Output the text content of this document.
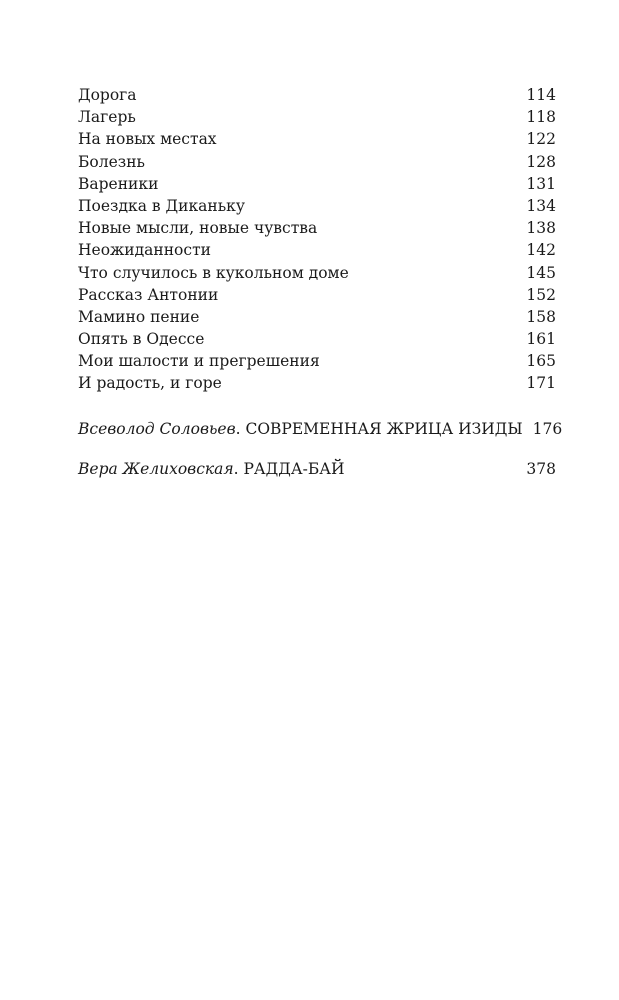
Дорога	114
Лагерь	118
На новых местах	122
Болезнь	128
Вареники	131
Поездка в Диканьку	134
Новые мысли, новые чувства	138
Неожиданности	142
Что случилось в кукольном доме	145
Рассказ Антонии	152
Мамино пение	158
Опять в Одессе	161
Мои шалости и прегрешения	165
И радость, и горе	171
Всеволод Соловьев. СОВРЕМЕННАЯ ЖРИЦА ИЗИДЫ 176
Вера Желиховская. РАДДА-БАЙ	378
